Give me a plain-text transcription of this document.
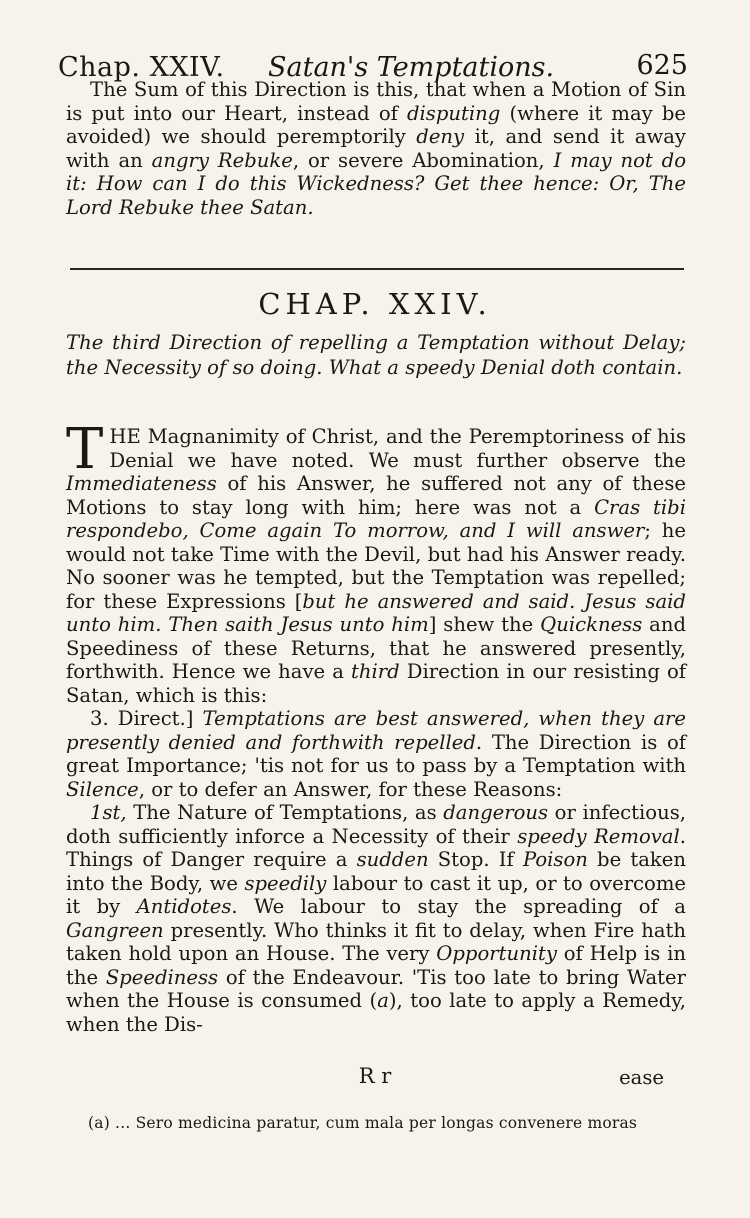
Chap. XXIV. Satan's Temptations.	625

The Sum of this Direction is this, that when a Motion of Sin is put into our Heart, instead of disputing (where it may be avoided) we should peremptorily deny it, and send it away with an angry Rebuke, or severe Abomination, I may not do it: How can I do this Wickedness? Get thee hence: Or, The Lord Rebuke thee Satan.

CHAP. XXIV.
The third Direction of repelling a Temptation without Delay; the Necessity of so doing. What a speedy Denial doth contain.

THE Magnanimity of Christ, and the Peremptoriness of his Denial we have noted. We must further observe the Immediateness of his Answer, he suffered not any of these Motions to stay long with him; here was not a Cras tibi respondebo, Come again To morrow, and I will answer; he would not take Time with the Devil, but had his Answer ready. No sooner was he tempted, but the Temptation was repelled; for these Expressions [but he answered and said. Jesus said unto him. Then saith Jesus unto him] shew the Quickness and Speediness of these Returns, that he answered presently, forthwith. Hence we have a third Direction in our resisting of Satan, which is this:

3. Direct.] Temptations are best answered, when they are presently denied and forthwith repelled. The Direction is of great Importance; 'tis not for us to pass by a Temptation with Silence, or to defer an Answer, for these Reasons:

1st, The Nature of Temptations, as dangerous or infectious, doth sufficiently inforce a Necessity of their speedy Removal. Things of Danger require a sudden Stop. If Poison be taken into the Body, we speedily labour to cast it up, or to overcome it by Antidotes. We labour to stay the spreading of a Gangreen presently. Who thinks it fit to delay, when Fire hath taken hold upon an House. The very Opportunity of Help is in the Speediness of the Endeavour. 'Tis too late to bring Water when the House is consumed (a), too late to apply a Remedy, when the Dis-

R r	ease
(a) ... Sero medicina paratur, cum mala per longas convenere moras
